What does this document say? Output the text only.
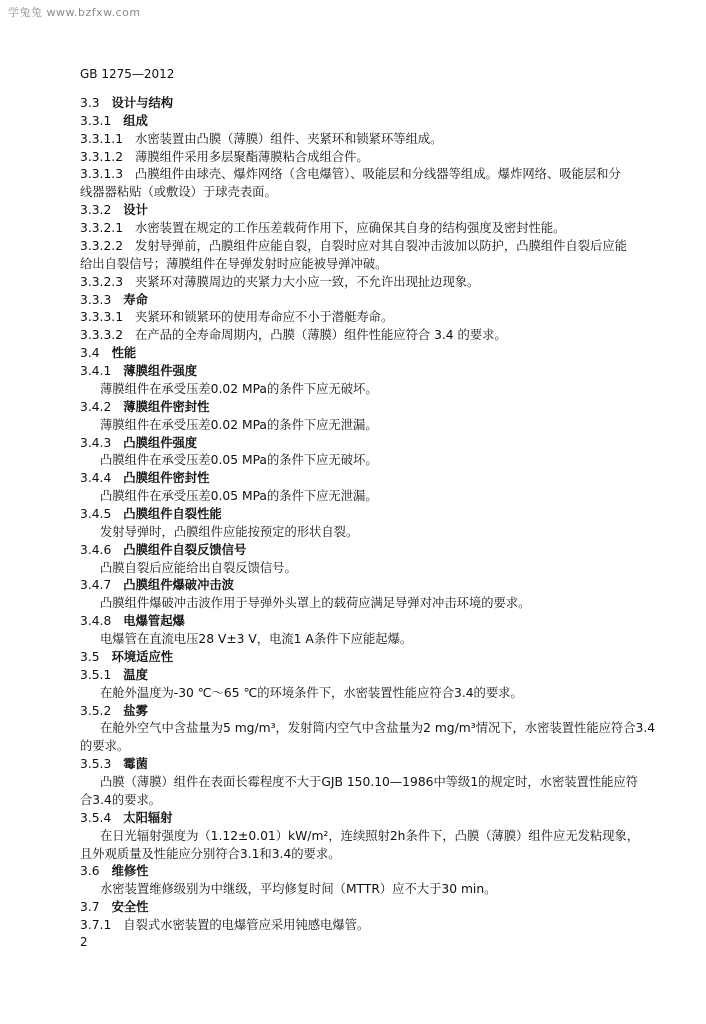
学兔兔 www.bzfxw.com
GB 1275—2012
3.3 设计与结构
3.3.1 组成
3.3.1.1 水密装置由凸膜（薄膜）组件、夹紧环和锁紧环等组成。
3.3.1.2 薄膜组件采用多层聚酯薄膜粘合成组合件。
3.3.1.3 凸膜组件由球壳、爆炸网络（含电爆管）、吸能层和分线器等组成。爆炸网络、吸能层和分
线器器粘贴（或敷设）于球壳表面。
3.3.2 设计
3.3.2.1 水密装置在规定的工作压差载荷作用下，应确保其自身的结构强度及密封性能。
3.3.2.2 发射导弹前，凸膜组件应能自裂，自裂时应对其自裂冲击波加以防护，凸膜组件自裂后应能
给出自裂信号；薄膜组件在导弹发射时应能被导弹冲破。
3.3.2.3 夹紧环对薄膜周边的夹紧力大小应一致，不允许出现扯边现象。
3.3.3 寿命
3.3.3.1 夹紧环和锁紧环的使用寿命应不小于潜艇寿命。
3.3.3.2 在产品的全寿命周期内，凸膜（薄膜）组件性能应符合 3.4 的要求。
3.4 性能
3.4.1 薄膜组件强度
薄膜组件在承受压差0.02 MPa的条件下应无破坏。
3.4.2 薄膜组件密封性
薄膜组件在承受压差0.02 MPa的条件下应无泄漏。
3.4.3 凸膜组件强度
凸膜组件在承受压差0.05 MPa的条件下应无破坏。
3.4.4 凸膜组件密封性
凸膜组件在承受压差0.05 MPa的条件下应无泄漏。
3.4.5 凸膜组件自裂性能
发射导弹时，凸膜组件应能按预定的形状自裂。
3.4.6 凸膜组件自裂反馈信号
凸膜自裂后应能给出自裂反馈信号。
3.4.7 凸膜组件爆破冲击波
凸膜组件爆破冲击波作用于导弹外头罩上的载荷应满足导弹对冲击环境的要求。
3.4.8 电爆管起爆
电爆管在直流电压28 V±3 V，电流1 A条件下应能起爆。
3.5 环境适应性
3.5.1 温度
在舱外温度为-30 ℃～65 ℃的环境条件下，水密装置性能应符合3.4的要求。
3.5.2 盐雾
在舱外空气中含盐量为5 mg/m³，发射筒内空气中含盐量为2 mg/m³情况下，水密装置性能应符合3.4
的要求。
3.5.3 霉菌
凸膜（薄膜）组件在表面长霉程度不大于GJB 150.10—1986中等级1的规定时，水密装置性能应符
合3.4的要求。
3.5.4 太阳辐射
在日光辐射强度为（1.12±0.01）kW/m²，连续照射2h条件下，凸膜（薄膜）组件应无发粘现象，
且外观质量及性能应分别符合3.1和3.4的要求。
3.6 维修性
水密装置维修级别为中继级，平均修复时间（MTTR）应不大于30 min。
3.7 安全性
3.7.1 自裂式水密装置的电爆管应采用钝感电爆管。
2
